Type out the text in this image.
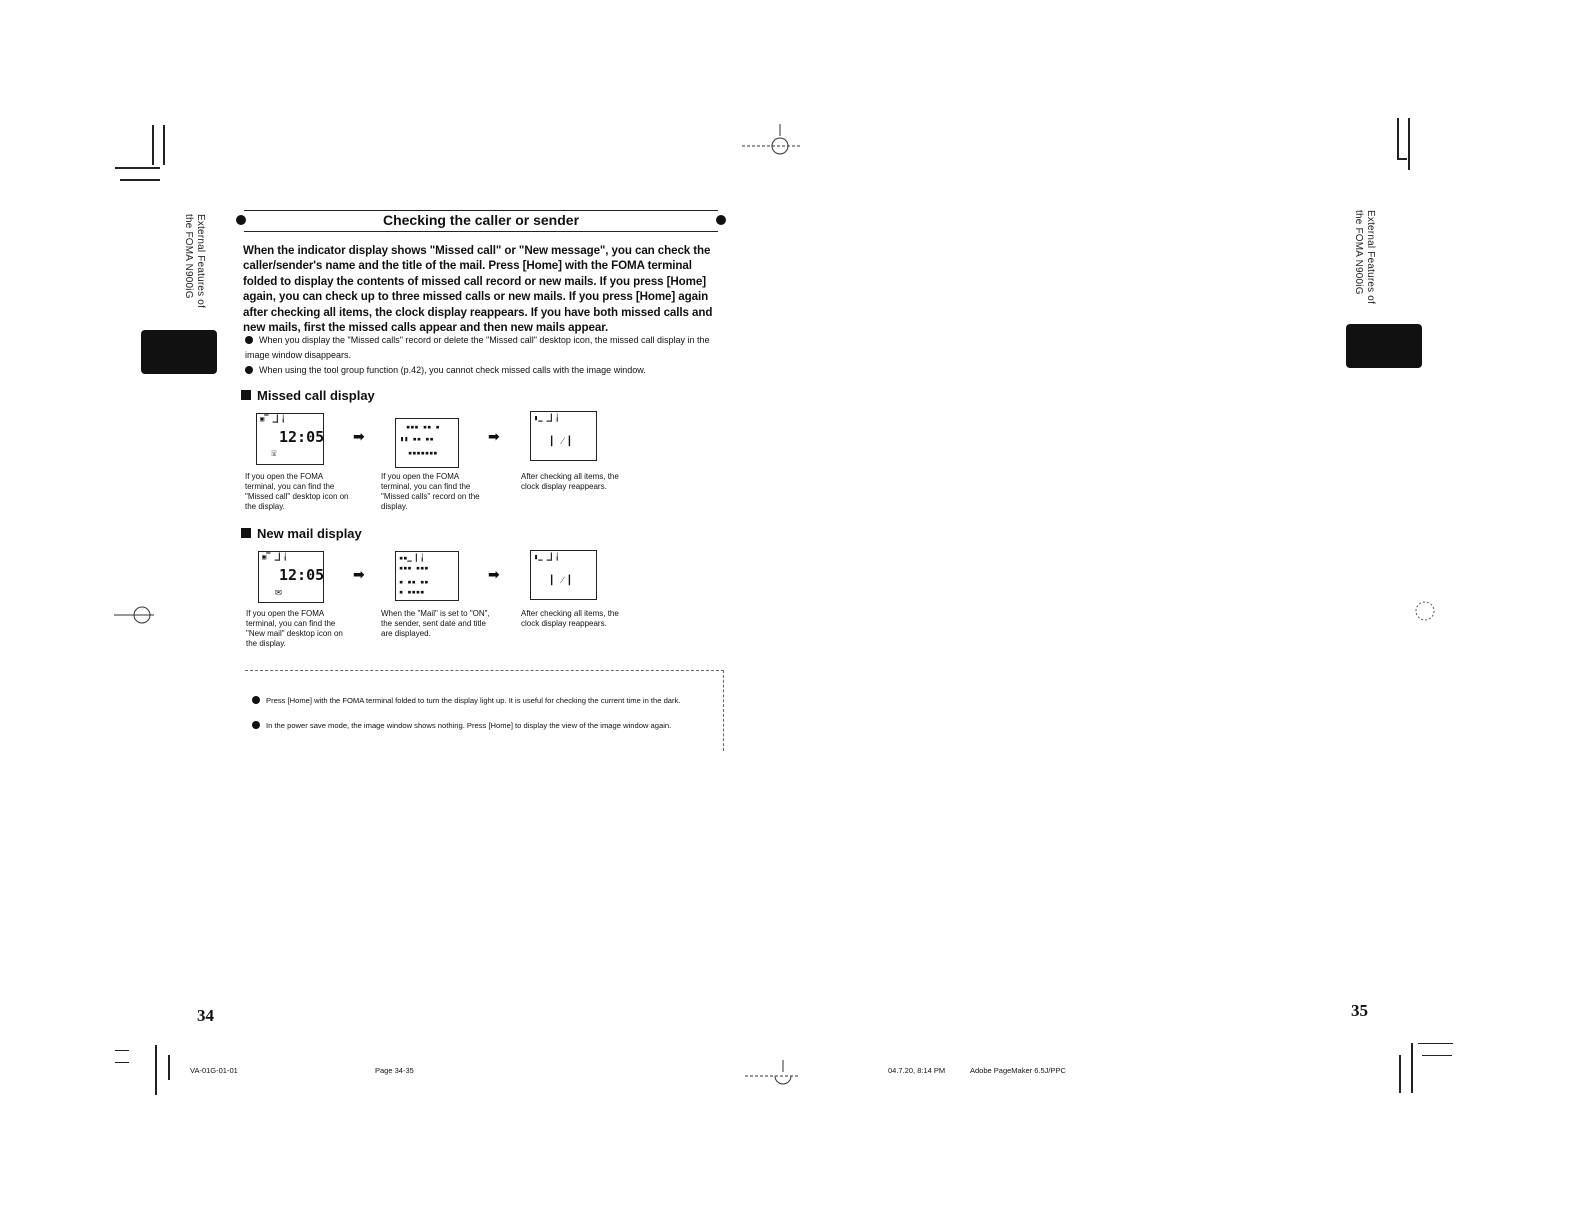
External Features of the FOMA N900iG	External Features of the FOMA N900iG
Checking the caller or sender
When the indicator display shows "Missed call" or "New message", you can check the caller/sender's name and the title of the mail. Press [Home] with the FOMA terminal folded to display the contents of missed call record or new mails. If you press [Home] again, you can check up to three missed calls or new mails. If you press [Home] again after checking all items, the clock display reappears. If you have both missed calls and new mails, first the missed calls appear and then new mails appear.
When you display the "Missed calls" record or delete the "Missed call" desktop icon, the missed call display in the image window disappears.
When using the tool group function (p.42), you cannot check missed calls with the image window.
Missed call display
▣▔ ▁▎╽
12:05
☏
➡
▪▪▪ ▪▪ ▪
▮▮ ▪▪ ▪▪
▪▪▪▪▪▪▪
➡
▮▁ ▁▎╽
▎ ⁄ ▎
If you open the FOMA terminal, you can find the "Missed call" desktop icon on the display.
If you open the FOMA terminal, you can find the "Missed calls" record on the display.
After checking all items, the clock display reappears.
New mail display
▣▔ ▁▎╽
12:05
✉
➡
▪▪▁ ▎╽
▪▪▪ ▪▪▪
▪ ▪▪ ▪▪
▪ ▪▪▪▪
➡
▮▁ ▁▎╽
▎ ⁄ ▎
If you open the FOMA terminal, you can find the "New mail" desktop icon on the display.
When the "Mail" is set to "ON", the sender, sent date and title are displayed.
After checking all items, the clock display reappears.
Press [Home] with the FOMA terminal folded to turn the display light up. It is useful for checking the current time in the dark.
In the power save mode, the image window shows nothing. Press [Home] to display the view of the image window again.
34	35
VA-01G-01-01	Page 34-35	04.7.20, 8:14 PM	Adobe PageMaker 6.5J/PPC
